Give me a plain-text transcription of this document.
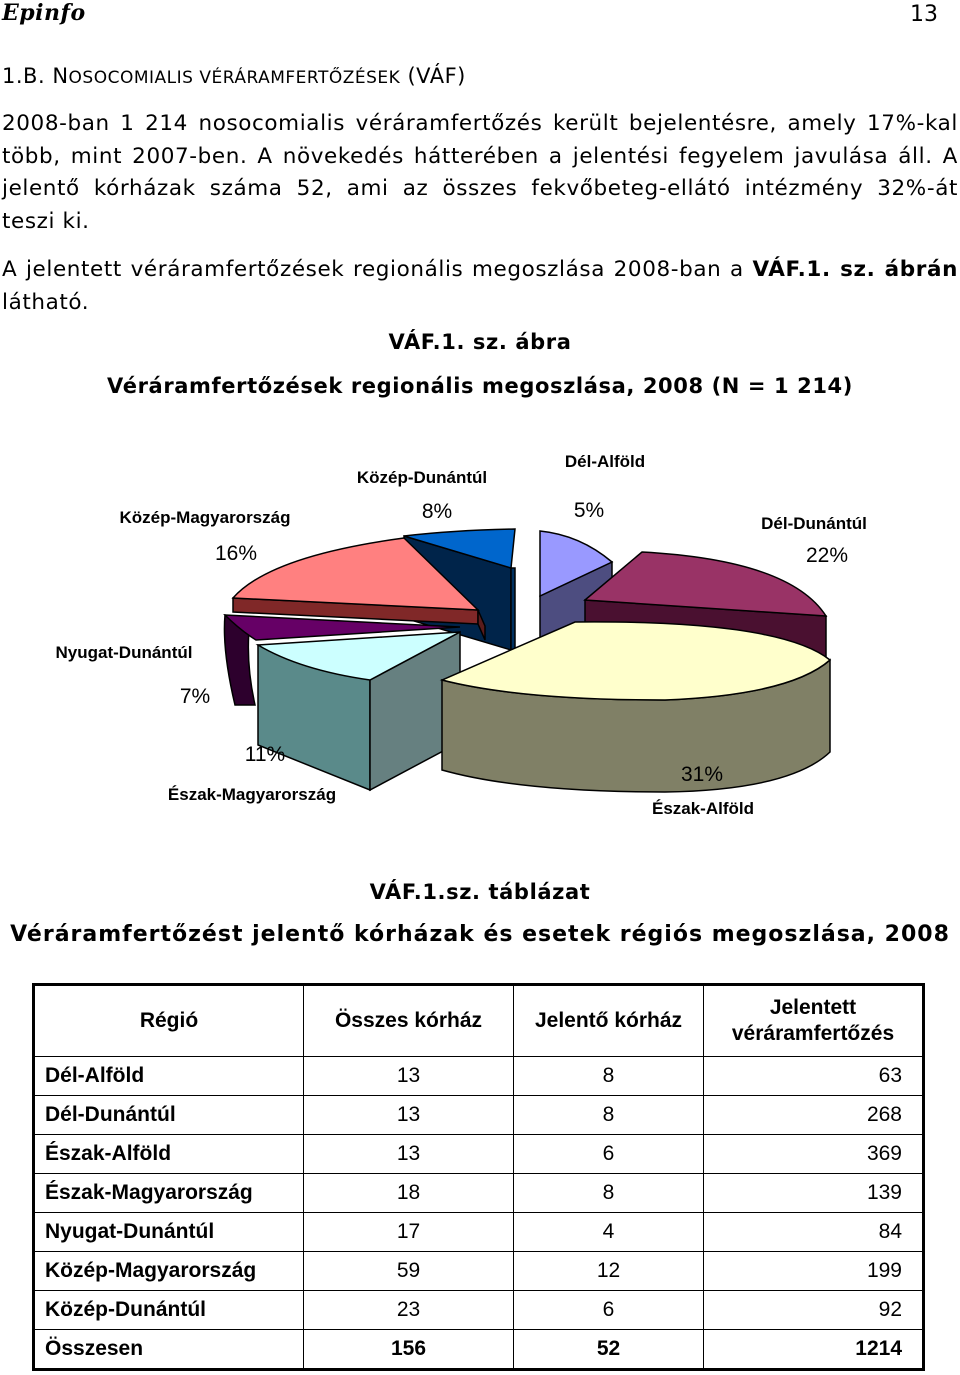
Epinfo	13
1.B. NOSOCOMIALIS VÉRÁRAMFERTŐZÉSEK (VÁF)
2008-ban 1 214 nosocomialis véráramfertőzés került bejelentésre, amely 17%-kal több, mint 2007-ben. A növekedés hátterében a jelentési fegyelem javulása áll. A jelentő kórházak száma 52, ami az összes fekvőbeteg-ellátó intézmény 32%-át teszi ki.
A jelentett véráramfertőzések regionális megoszlása 2008-ban a VÁF.1. sz. ábrán látható.
VÁF.1. sz. ábra
Véráramfertőzések regionális megoszlása, 2008 (N = 1 214)
Közép-Magyarország
16%
Közép-Dunántúl
8%
Dél-Alföld
5%
Dél-Dunántúl
22%
Nyugat-Dunántúl
7%
11%
Észak-Magyarország
31%
Észak-Alföld
VÁF.1.sz. táblázat
Véráramfertőzést jelentő kórházak és esetek régiós megoszlása, 2008
Régió	Összes kórház	Jelentő kórház	Jelentett véráramfertőzés
Dél-Alföld	13	8	63
Dél-Dunántúl	13	8	268
Észak-Alföld	13	6	369
Észak-Magyarország	18	8	139
Nyugat-Dunántúl	17	4	84
Közép-Magyarország	59	12	199
Közép-Dunántúl	23	6	92
Összesen	156	52	1214
